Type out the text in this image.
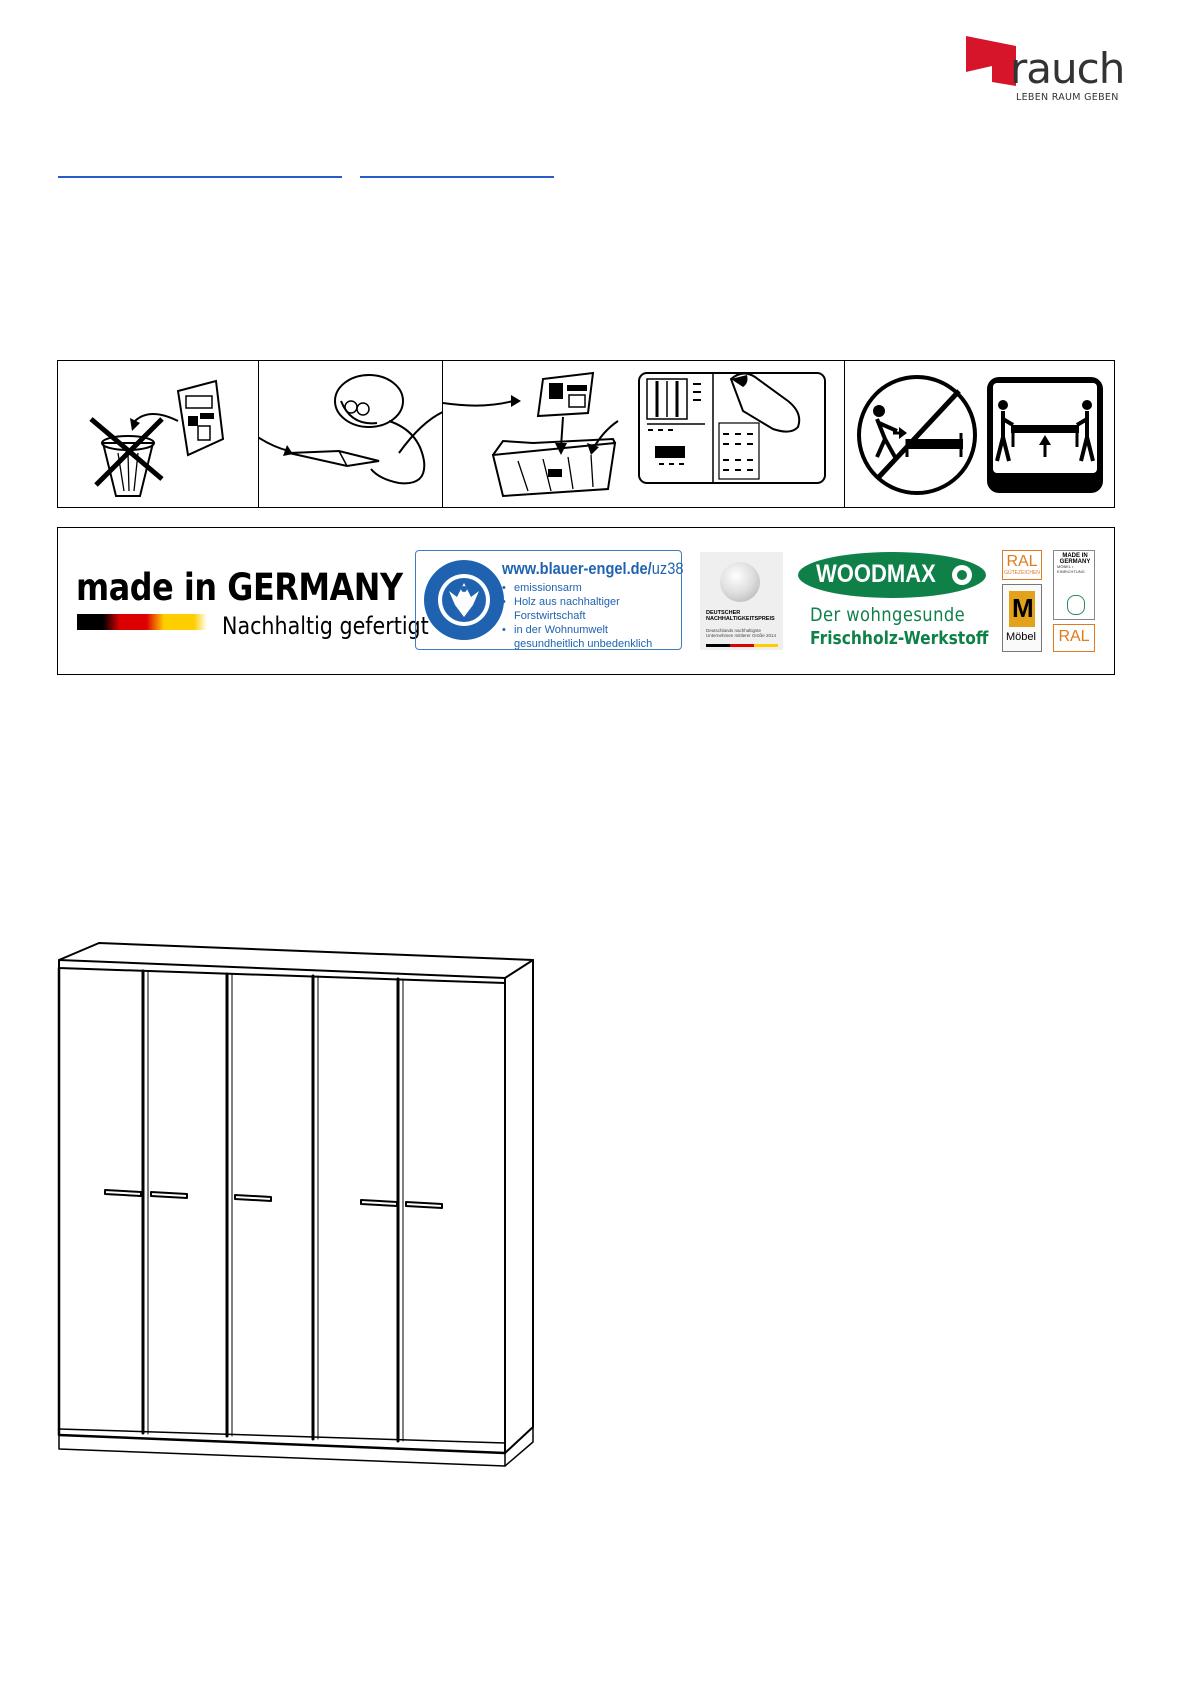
rauch
LEBEN RAUM GEBEN
made in GERMANY
Nachhaltig gefertigt
www.blauer-engel.de/uz38
• emissionsarm
• Holz aus nachhaltiger Forstwirtschaft
• in der Wohnumwelt gesundheitlich unbedenklich
DEUTSCHER NACHHALTIGKEITSPREIS
Deutschlands nachhaltigste Unternehmen mittlerer Größe 2014
WOODMAX
Der wohngesunde
Frischholz-Werkstoff
RAL
GÜTEZEICHEN
M
Möbel
MADE IN GERMANY
MÖBEL • EINRICHTUNG
RAL
